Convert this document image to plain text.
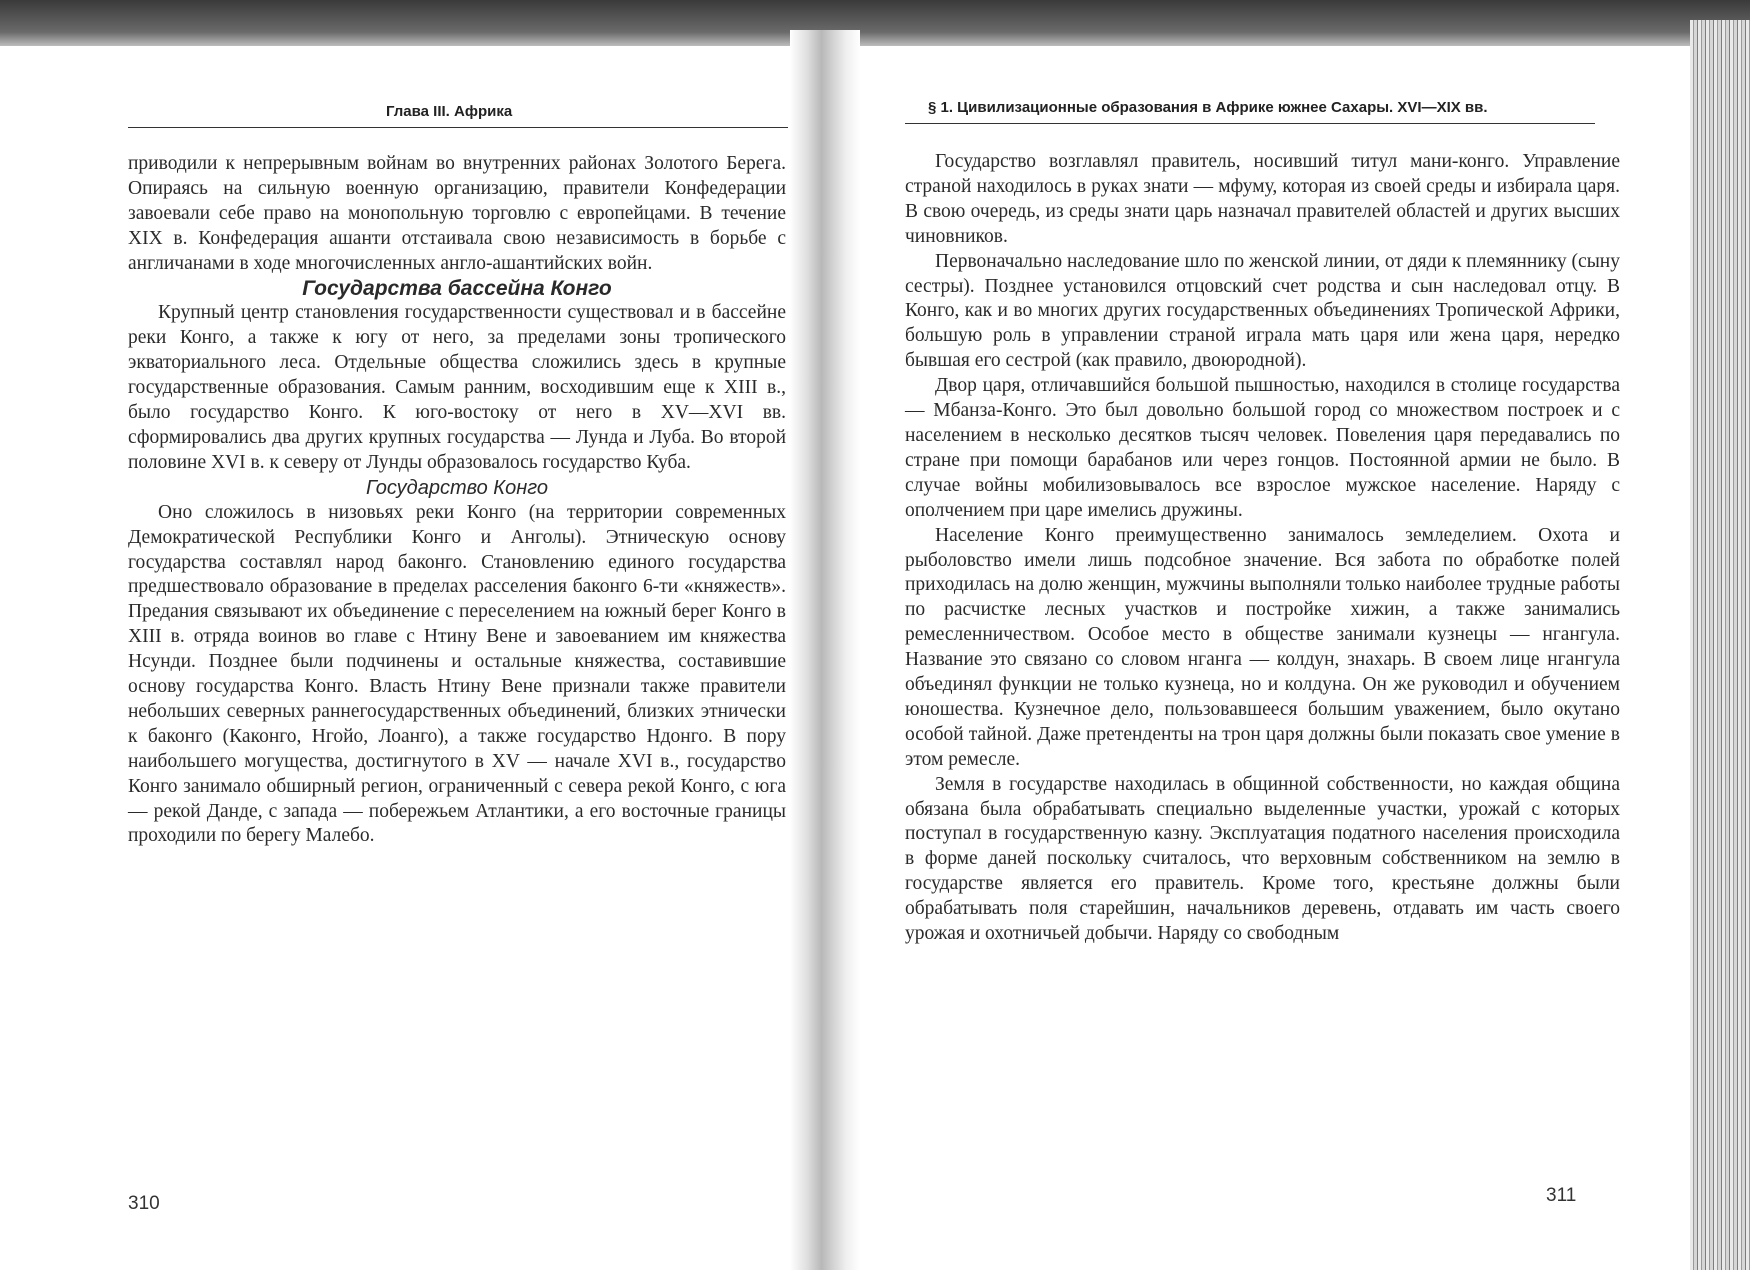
Глава III. Африка

приводили к непрерывным войнам во внутренних районах Золотого Берега. Опираясь на сильную военную организацию, правители Конфедерации завоевали себе право на монопольную торговлю с европейцами. В течение XIX в. Конфедерация ашанти отстаивала свою независимость в борьбе с англичанами в ходе многочисленных англо-ашантийских войн.

Государства бассейна Конго

Крупный центр становления государственности существовал и в бассейне реки Конго, а также к югу от него, за пределами зоны тропического экваториального леса. Отдельные общества сложились здесь в крупные государственные образования. Самым ранним, восходившим еще к XIII в., было государство Конго. К юго-востоку от него в XV—XVI вв. сформировались два других крупных государства — Лунда и Луба. Во второй половине XVI в. к северу от Лунды образовалось государство Куба.

Государство Конго

Оно сложилось в низовьях реки Конго (на территории современных Демократической Республики Конго и Анголы). Этническую основу государства составлял народ баконго. Становлению единого государства предшествовало образование в пределах расселения баконго 6-ти «княжеств». Предания связывают их объединение с переселением на южный берег Конго в XIII в. отряда воинов во главе с Нтину Вене и завоеванием им княжества Нсунди. Позднее были подчинены и остальные княжества, составившие основу государства Конго. Власть Нтину Вене признали также правители небольших северных раннегосударственных объединений, близких этнически к баконго (Каконго, Нгойо, Лоанго), а также государство Ндонго. В пору наибольшего могущества, достигнутого в XV — начале XVI в., государство Конго занимало обширный регион, ограниченный с севера рекой Конго, с юга — рекой Данде, с запада — побережьем Атлантики, а его восточные границы проходили по берегу Малебо.

310
§ 1. Цивилизационные образования в Африке южнее Сахары. XVI—XIX вв.

Государство возглавлял правитель, носивший титул мани-конго. Управление страной находилось в руках знати — мфуму, которая из своей среды и избирала царя. В свою очередь, из среды знати царь назначал правителей областей и других высших чиновников.

Первоначально наследование шло по женской линии, от дяди к племяннику (сыну сестры). Позднее установился отцовский счет родства и сын наследовал отцу. В Конго, как и во многих других государственных объединениях Тропической Африки, большую роль в управлении страной играла мать царя или жена царя, нередко бывшая его сестрой (как правило, двоюродной).

Двор царя, отличавшийся большой пышностью, находился в столице государства — Мбанза-Конго. Это был довольно большой город со множеством построек и с населением в несколько десятков тысяч человек. Повеления царя передавались по стране при помощи барабанов или через гонцов. Постоянной армии не было. В случае войны мобилизовывалось все взрослое мужское население. Наряду с ополчением при царе имелись дружины.

Население Конго преимущественно занималось земледелием. Охота и рыболовство имели лишь подсобное значение. Вся забота по обработке полей приходилась на долю женщин, мужчины выполняли только наиболее трудные работы по расчистке лесных участков и постройке хижин, а также занимались ремесленничеством. Особое место в обществе занимали кузнецы — нгангула. Название это связано со словом нганга — колдун, знахарь. В своем лице нгангула объединял функции не только кузнеца, но и колдуна. Он же руководил и обучением юношества. Кузнечное дело, пользовавшееся большим уважением, было окутано особой тайной. Даже претенденты на трон царя должны были показать свое умение в этом ремесле.

Земля в государстве находилась в общинной собственности, но каждая община обязана была обрабатывать специально выделенные участки, урожай с которых поступал в государственную казну. Эксплуатация податного населения происходила в форме даней поскольку считалось, что верховным собственником на землю в государстве является его правитель. Кроме того, крестьяне должны были обрабатывать поля старейшин, начальников деревень, отдавать им часть своего урожая и охотничьей добычи. Наряду со свободным

311
